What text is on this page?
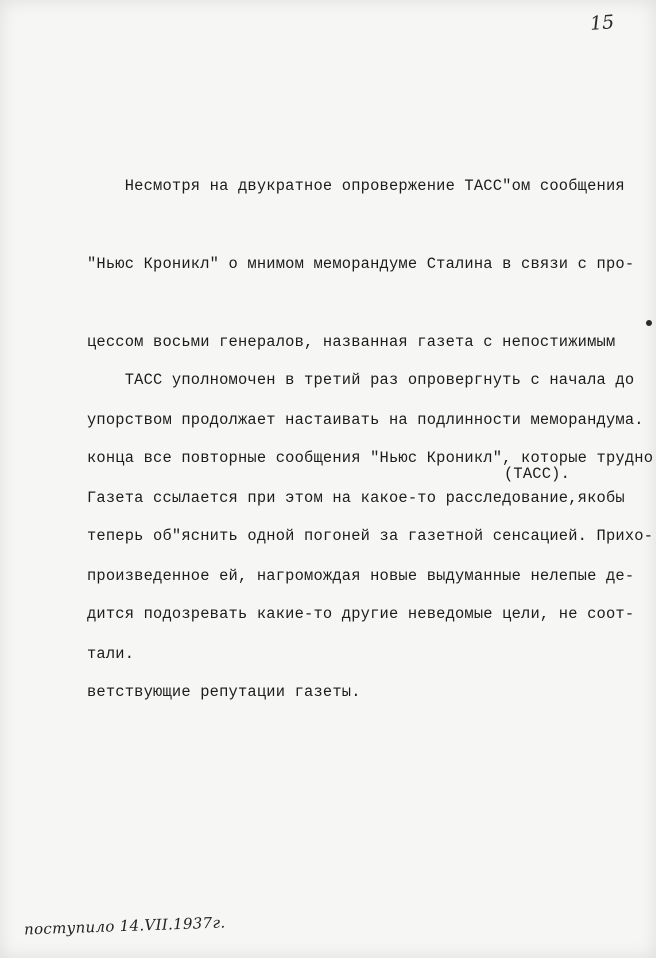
15

Несмотря на двукратное опровержение ТАСС"ом сообщения

"Ньюс Кроникл" о мнимом меморандуме Сталина в связи с про-

цессом восьми генералов, названная газета с непостижимым

упорством продолжает настаивать на подлинности меморандума.

Газета ссылается при этом на какое-то расследование,якобы

произведенное ей, нагромождая новые выдуманные нелепые де-

тали.

ТАСС уполномочен в третий раз опровергнуть с начала до

конца все повторные сообщения "Ньюс Кроникл", которые трудно

теперь об"яснить одной погоней за газетной сенсацией. Прихо-

дится подозревать какие-то другие неведомые цели, не соот-

ветствующие репутации газеты.

(ТАСС).
поступило 14.VII.1937г.
